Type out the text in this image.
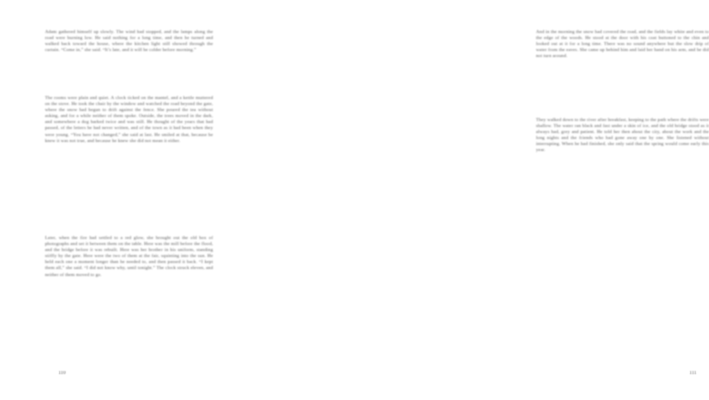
Adam gathered himself up slowly. The wind had stopped, and the lamps along the road were burning low. He said nothing for a long time, and then he turned and walked back toward the house, where the kitchen light still showed through the curtain. “Come in,” she said. “It’s late, and it will be colder before morning.”

The rooms were plain and quiet. A clock ticked on the mantel, and a kettle muttered on the stove. He took the chair by the window and watched the road beyond the gate, where the snow had begun to drift against the fence. She poured the tea without asking, and for a while neither of them spoke. Outside, the trees moved in the dark, and somewhere a dog barked twice and was still. He thought of the years that had passed, of the letters he had never written, and of the town as it had been when they were young. “You have not changed,” she said at last. He smiled at that, because he knew it was not true, and because he knew she did not mean it either.

Later, when the fire had settled to a red glow, she brought out the old box of photographs and set it between them on the table. Here was the mill before the flood, and the bridge before it was rebuilt. Here was her brother in his uniform, standing stiffly by the gate. Here were the two of them at the fair, squinting into the sun. He held each one a moment longer than he needed to, and then passed it back. “I kept them all,” she said. “I did not know why, until tonight.” The clock struck eleven, and neither of them moved to go.

110

And in the morning the snow had covered the road, and the fields lay white and even to the edge of the woods. He stood at the door with his coat buttoned to the chin and looked out at it for a long time. There was no sound anywhere but the slow drip of water from the eaves. She came up behind him and laid her hand on his arm, and he did not turn around.

They walked down to the river after breakfast, keeping to the path where the drifts were shallow. The water ran black and fast under a skin of ice, and the old bridge stood as it always had, grey and patient. He told her then about the city, about the work and the long nights and the friends who had gone away one by one. She listened without interrupting. When he had finished, she only said that the spring would come early this year.

111
